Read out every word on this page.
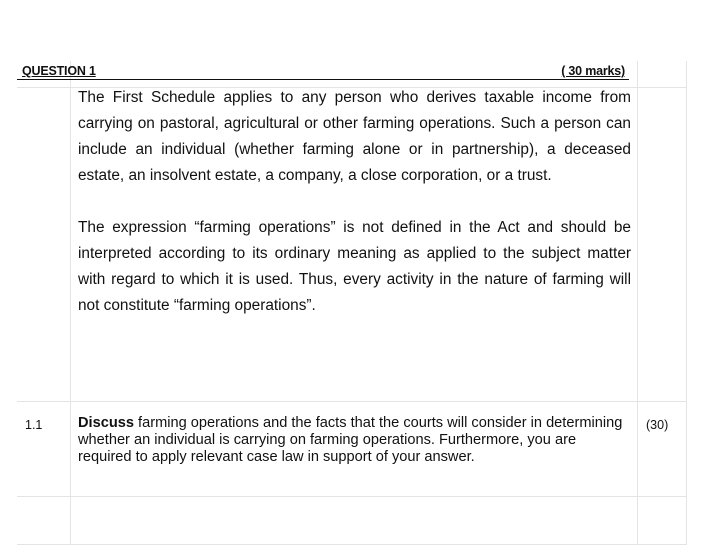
QUESTION 1	( 30 marks)

The First Schedule applies to any person who derives taxable income from carrying on pastoral, agricultural or other farming operations. Such a person can include an individual (whether farming alone or in partnership), a deceased estate, an insolvent estate, a company, a close corporation, or a trust.

The expression “farming operations” is not defined in the Act and should be interpreted according to its ordinary meaning as applied to the subject matter with regard to which it is used. Thus, every activity in the nature of farming will not constitute “farming operations”.

1.1 Discuss farming operations and the facts that the courts will consider in determining whether an individual is carrying on farming operations. Furthermore, you are required to apply relevant case law in support of your answer.
(30)
